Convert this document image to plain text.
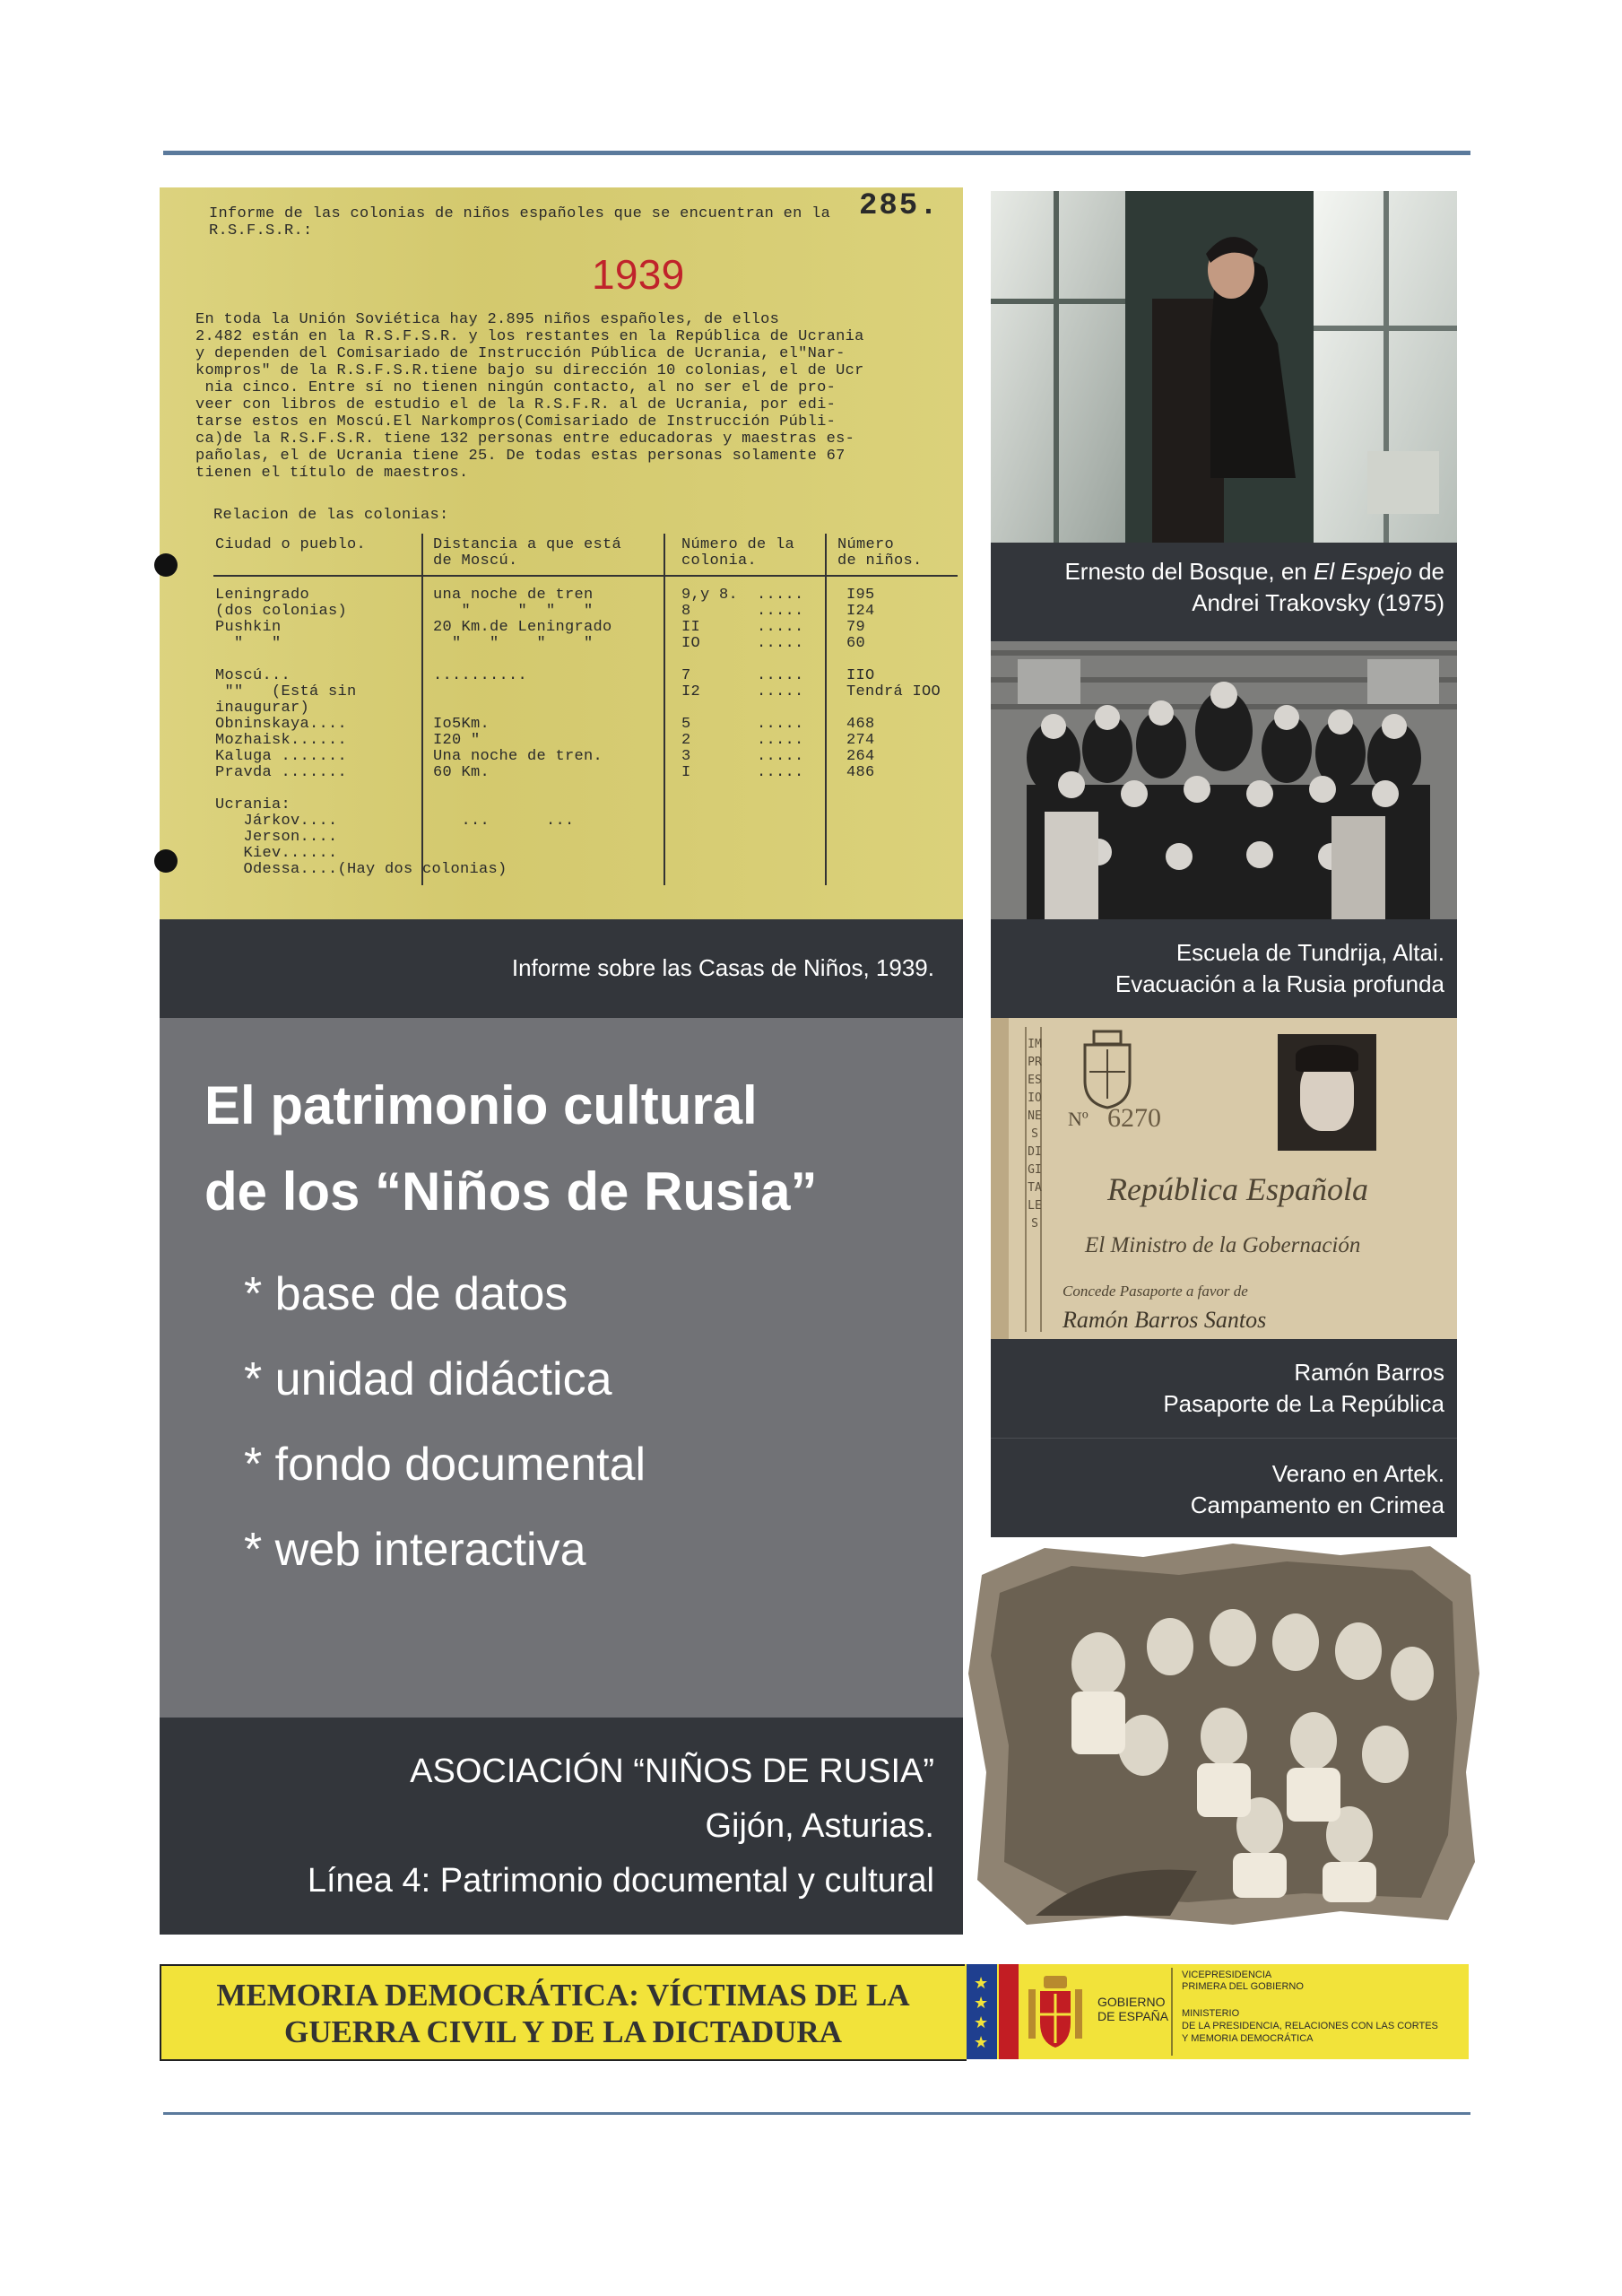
285.
Informe de las colonias de niños españoles que se encuentran en la
R.S.F.S.R.:
1939
En toda la Unión Soviética hay 2.895 niños españoles, de ellos
2.482 están en la R.S.F.S.R. y los restantes en la República de Ucrania
y dependen del Comisariado de Instrucción Pública de Ucrania, el"Nar-
kompros" de la R.S.F.S.R.tiene bajo su dirección 10 colonias, el de Ucr
nia cinco. Entre sí no tienen ningún contacto, al no ser el de pro-
veer con libros de estudio el de la R.S.F.R. al de Ucrania, por edi-
tarse estos en Moscú.El Narkompros(Comisariado de Instrucción Públi-
ca)de la R.S.F.S.R. tiene 132 personas entre educadoras y maestras es-
pañolas, el de Ucrania tiene 25. De todas estas personas solamente 67
tienen el título de maestros.
Relacion de las colonias:
Ciudad o pueblo.	Distancia a que está
de Moscú.
Número de la
colonia.
Número
de niños.
Leningrado
(dos colonias)
Pushkin
"   "

Moscú...
""   (Está sin
inaugurar)
Obninskaya....
Mozhaisk......
Kaluga .......
Pravda .......

Ucrania:
Járkov....
Jerson....
Kiev......
Odessa....(Hay dos colonias)
una noche de tren
"     "  "   "
20 Km.de Leningrado
"   "    "    "

..........

Io5Km.
I20 "
Una noche de tren.
60 Km.

...      ...
9,y 8.  .....
8       .....
II      .....
IO      .....

7       .....
I2      .....

5       .....
2       .....
3       .....
I       .....
I95
I24
79
60

IIO
Tendrá IOO

468
274
264
486
Informe sobre las Casas de Niños, 1939.
El patrimonio cultural
de los “Niños de Rusia”
* base de datos
* unidad didáctica
* fondo documental
* web interactiva
ASOCIACIÓN “NIÑOS DE RUSIA”
Gijón, Asturias.
Línea 4: Patrimonio documental y cultural
Ernesto del Bosque, en El Espejo de
Andrei Trakovsky (1975)
Escuela de Tundrija, Altai.
Evacuación a la Rusia profunda
IMPRESIONES DIGITALES
Nº 6270
República Española
El Ministro de la Gobernación
Concede Pasaporte a favor de
Ramón Barros Santos
Ramón Barros
Pasaporte de La República
Verano en Artek.
Campamento en Crimea
MEMORIA DEMOCRÁTICA: VÍCTIMAS DE LA
GUERRA CIVIL Y DE LA DICTADURA
★
★
★
★
GOBIERNO
DE ESPAÑA
VICEPRESIDENCIA
PRIMERA DEL GOBIERNO
MINISTERIO
DE LA PRESIDENCIA, RELACIONES CON LAS CORTES
Y MEMORIA DEMOCRÁTICA
